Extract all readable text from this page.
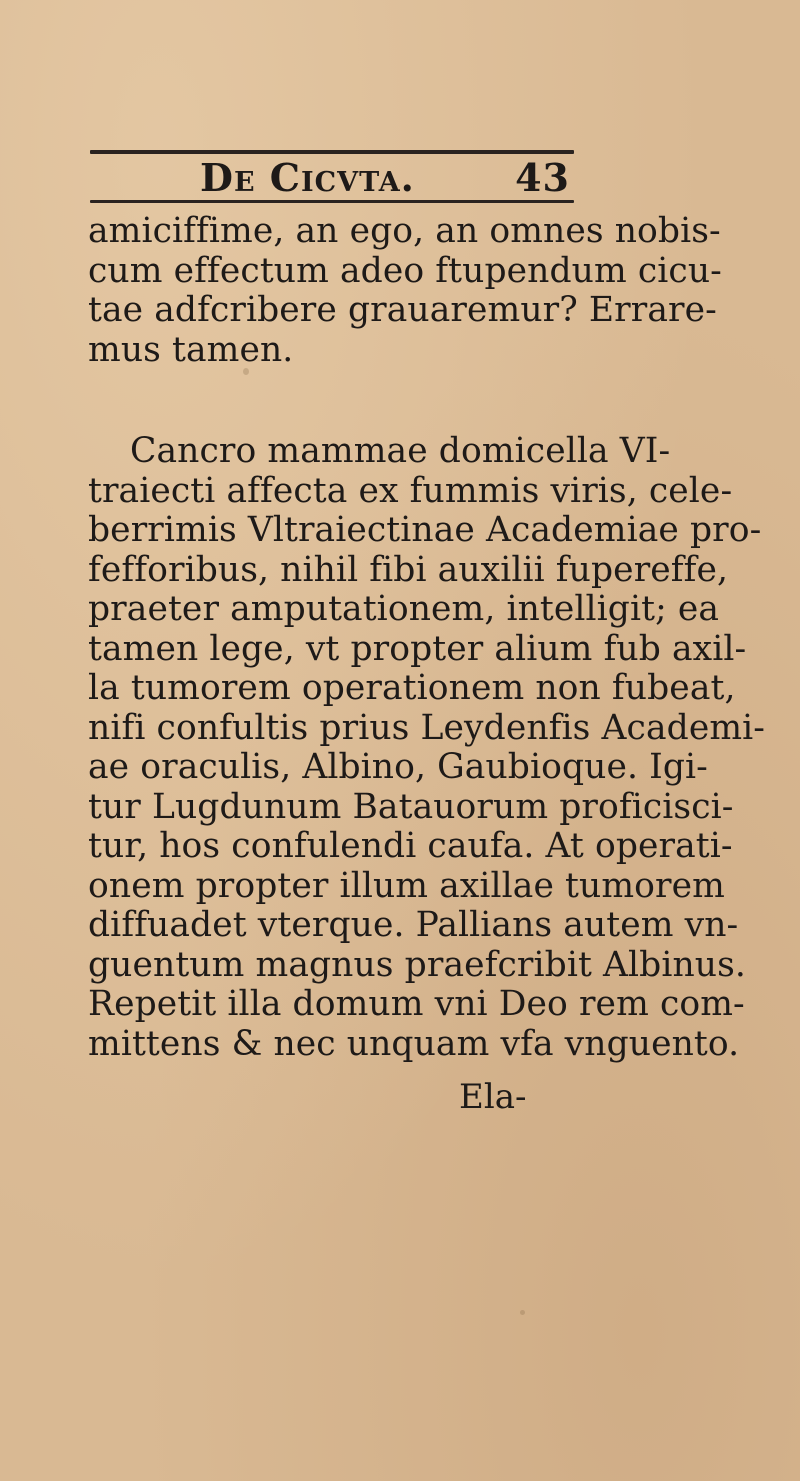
De Cicvta.	43
amiciffime, an ego, an omnes nobis-
cum effectum adeo ftupendum cicu-
tae adfcribere grauaremur? Errare-
mus tamen.
Cancro mammae domicella VI-
traiecti affecta ex fummis viris, cele-
berrimis Vltraiectinae Academiae pro-
fefforibus, nihil fibi auxilii fupereffe,
praeter amputationem, intelligit; ea
tamen lege, vt propter alium fub axil-
la tumorem operationem non fubeat,
nifi confultis prius Leydenfis Academi-
ae oraculis, Albino, Gaubioque. Igi-
tur Lugdunum Batauorum proficisci-
tur, hos confulendi caufa. At operati-
onem propter illum axillae tumorem
diffuadet vterque. Pallians autem vn-
guentum magnus praefcribit Albinus.
Repetit illa domum vni Deo rem com-
mittens & nec unquam vfa vnguento.
Ela-
